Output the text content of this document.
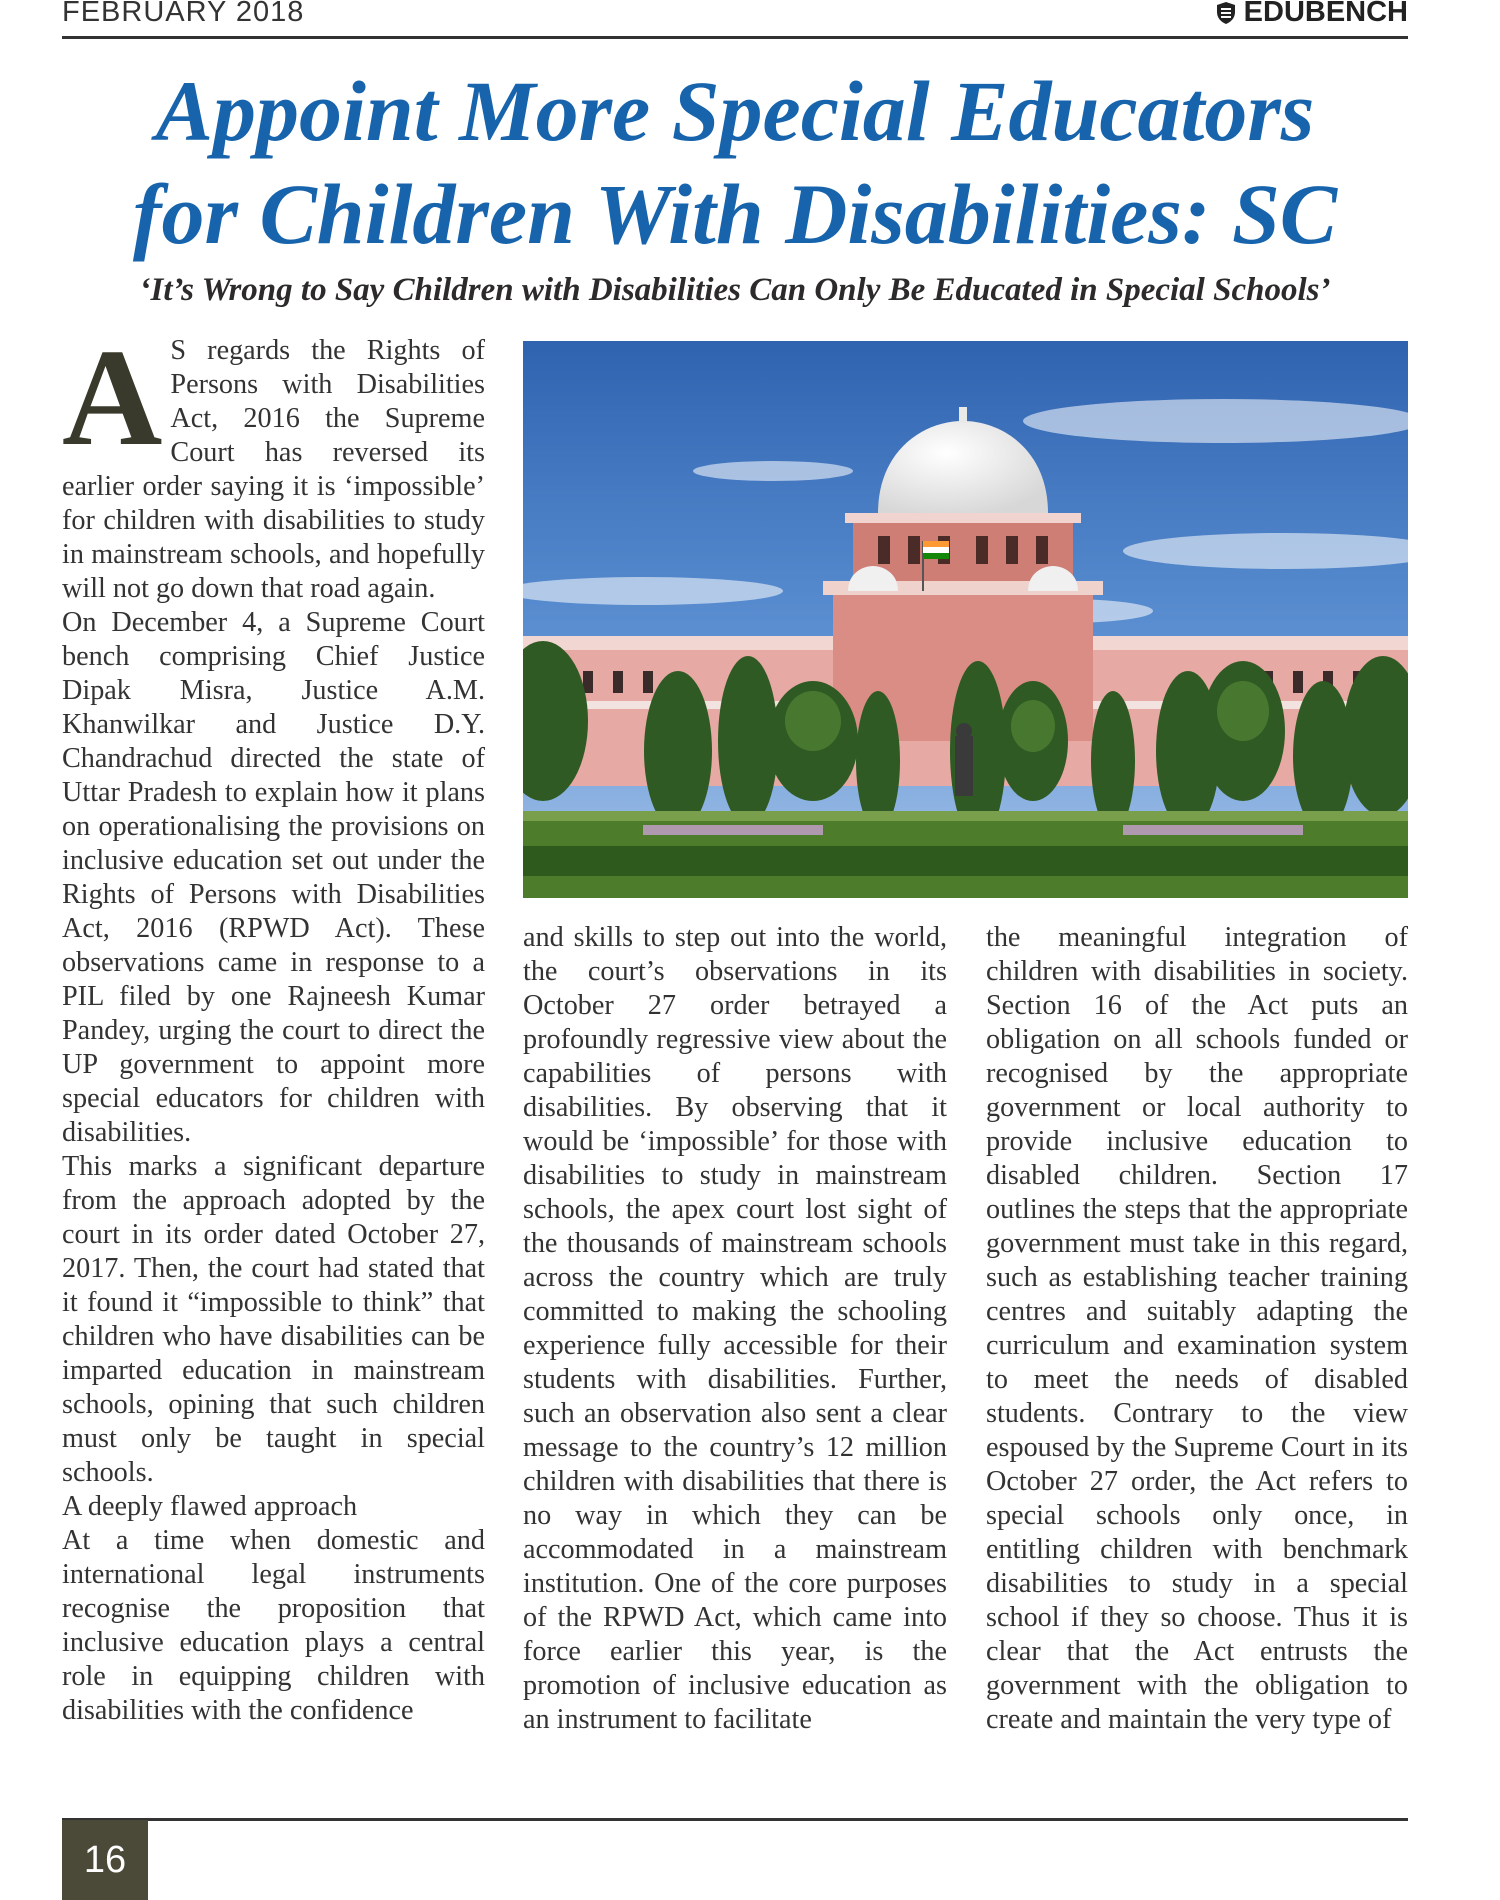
FEBRUARY 2018	EDUBENCH
Appoint More Special Educators
for Children With Disabilities: SC
‘It’s Wrong to Say Children with Disabilities Can Only Be Educated in Special Schools’
A S regards the Rights of Persons with Disabilities Act, 2016 the Supreme Court has reversed its earlier order saying it is ‘impossible’ for children with disabilities to study in mainstream schools, and hopefully will not go down that road again.

On December 4, a Supreme Court bench comprising Chief Justice Dipak Misra, Justice A.M. Khanwilkar and Justice D.Y. Chandrachud directed the state of Uttar Pradesh to explain how it plans on operationalising the provisions on inclusive education set out under the Rights of Persons with Disabilities Act, 2016 (RPWD Act). These observations came in response to a PIL filed by one Rajneesh Kumar Pandey, urging the court to direct the UP government to appoint more special educators for children with disabilities.

This marks a significant departure from the approach adopted by the court in its order dated October 27, 2017. Then, the court had stated that it found it “impossible to think” that children who have disabilities can be imparted education in mainstream schools, opining that such children must only be taught in special schools.

A deeply flawed approach

At a time when domestic and international legal instruments recognise the proposition that inclusive education plays a central role in equipping children with disabilities with the confidence

and skills to step out into the world, the court’s observations in its October 27 order betrayed a profoundly regressive view about the capabilities of persons with disabilities. By observing that it would be ‘impossible’ for those with disabilities to study in mainstream schools, the apex court lost sight of the thousands of mainstream schools across the country which are truly committed to making the schooling experience fully accessible for their students with disabilities. Further, such an observation also sent a clear message to the country’s 12 million children with disabilities that there is no way in which they can be accommodated in a mainstream institution. One of the core purposes of the RPWD Act, which came into force earlier this year, is the promotion of inclusive education as an instrument to facilitate

the meaningful integration of children with disabilities in society. Section 16 of the Act puts an obligation on all schools funded or recognised by the appropriate government or local authority to provide inclusive education to disabled children. Section 17 outlines the steps that the appropriate government must take in this regard, such as establishing teacher training centres and suitably adapting the curriculum and examination system to meet the needs of disabled students. Contrary to the view espoused by the Supreme Court in its October 27 order, the Act refers to special schools only once, in entitling children with benchmark disabilities to study in a special school if they so choose. Thus it is clear that the Act entrusts the government with the obligation to create and maintain the very type of

16
